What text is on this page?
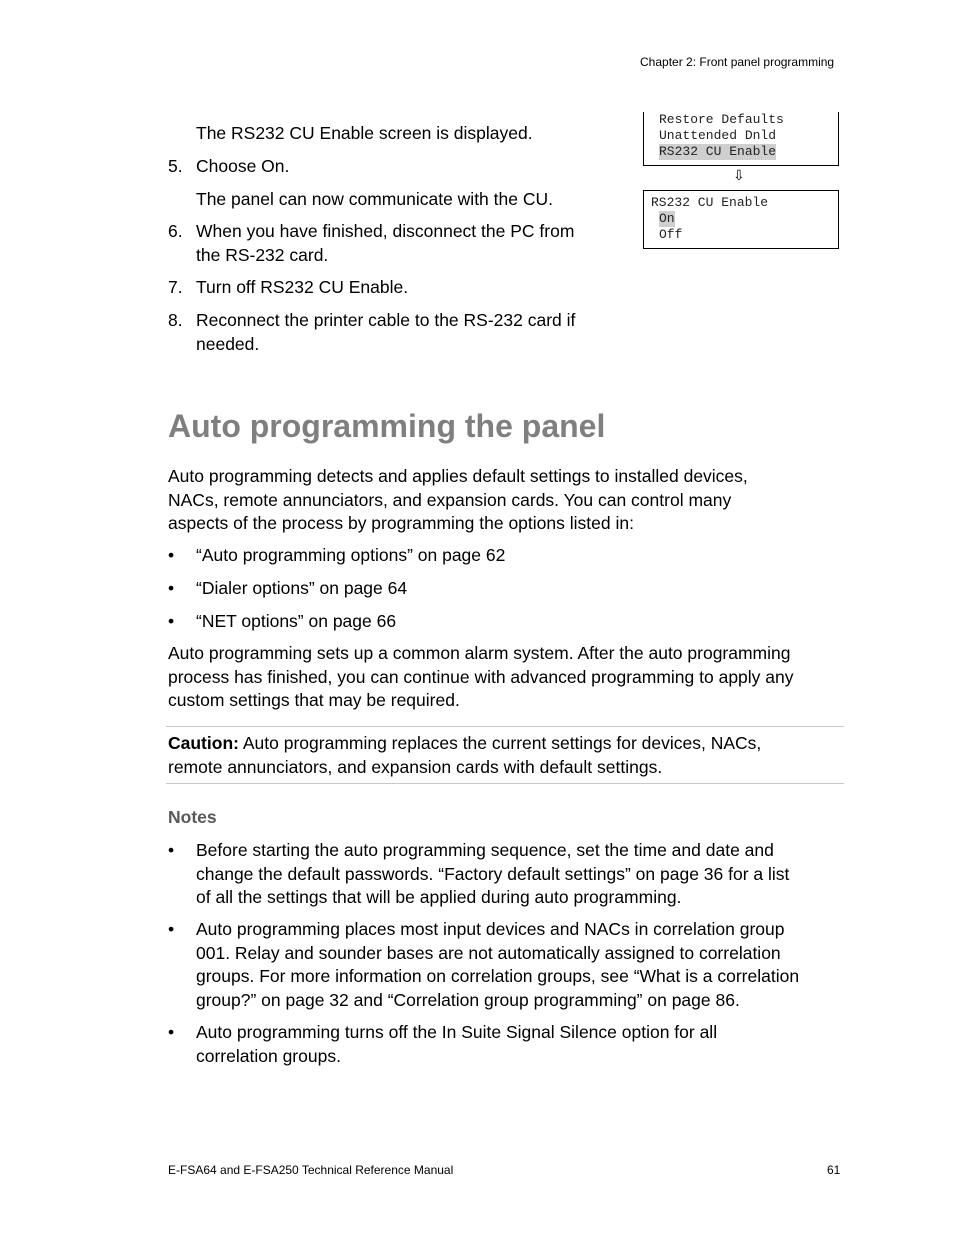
Chapter 2: Front panel programming
The RS232 CU Enable screen is displayed.
5. Choose On.
The panel can now communicate with the CU.
6. When you have finished, disconnect the PC from
the RS-232 card.
7. Turn off RS232 CU Enable.
8. Reconnect the printer cable to the RS-232 card if
needed.

Restore Defaults

Unattended Dnld

RS232 CU Enable

⇩

RS232 CU Enable

On

Off

Auto programming the panel
Auto programming detects and applies default settings to installed devices,
NACs, remote annunciators, and expansion cards. You can control many
aspects of the process by programming the options listed in:
• “Auto programming options” on page 62
• “Dialer options” on page 64
• “NET options” on page 66
Auto programming sets up a common alarm system. After the auto programming
process has finished, you can continue with advanced programming to apply any
custom settings that may be required.
Caution: Auto programming replaces the current settings for devices, NACs,
remote annunciators, and expansion cards with default settings.
Notes
• Before starting the auto programming sequence, set the time and date and
change the default passwords. “Factory default settings” on page 36 for a list
of all the settings that will be applied during auto programming.
• Auto programming places most input devices and NACs in correlation group
001. Relay and sounder bases are not automatically assigned to correlation
groups. For more information on correlation groups, see “What is a correlation
group?” on page 32 and “Correlation group programming” on page 86.
• Auto programming turns off the In Suite Signal Silence option for all
correlation groups.
E-FSA64 and E-FSA250 Technical Reference Manual	61
